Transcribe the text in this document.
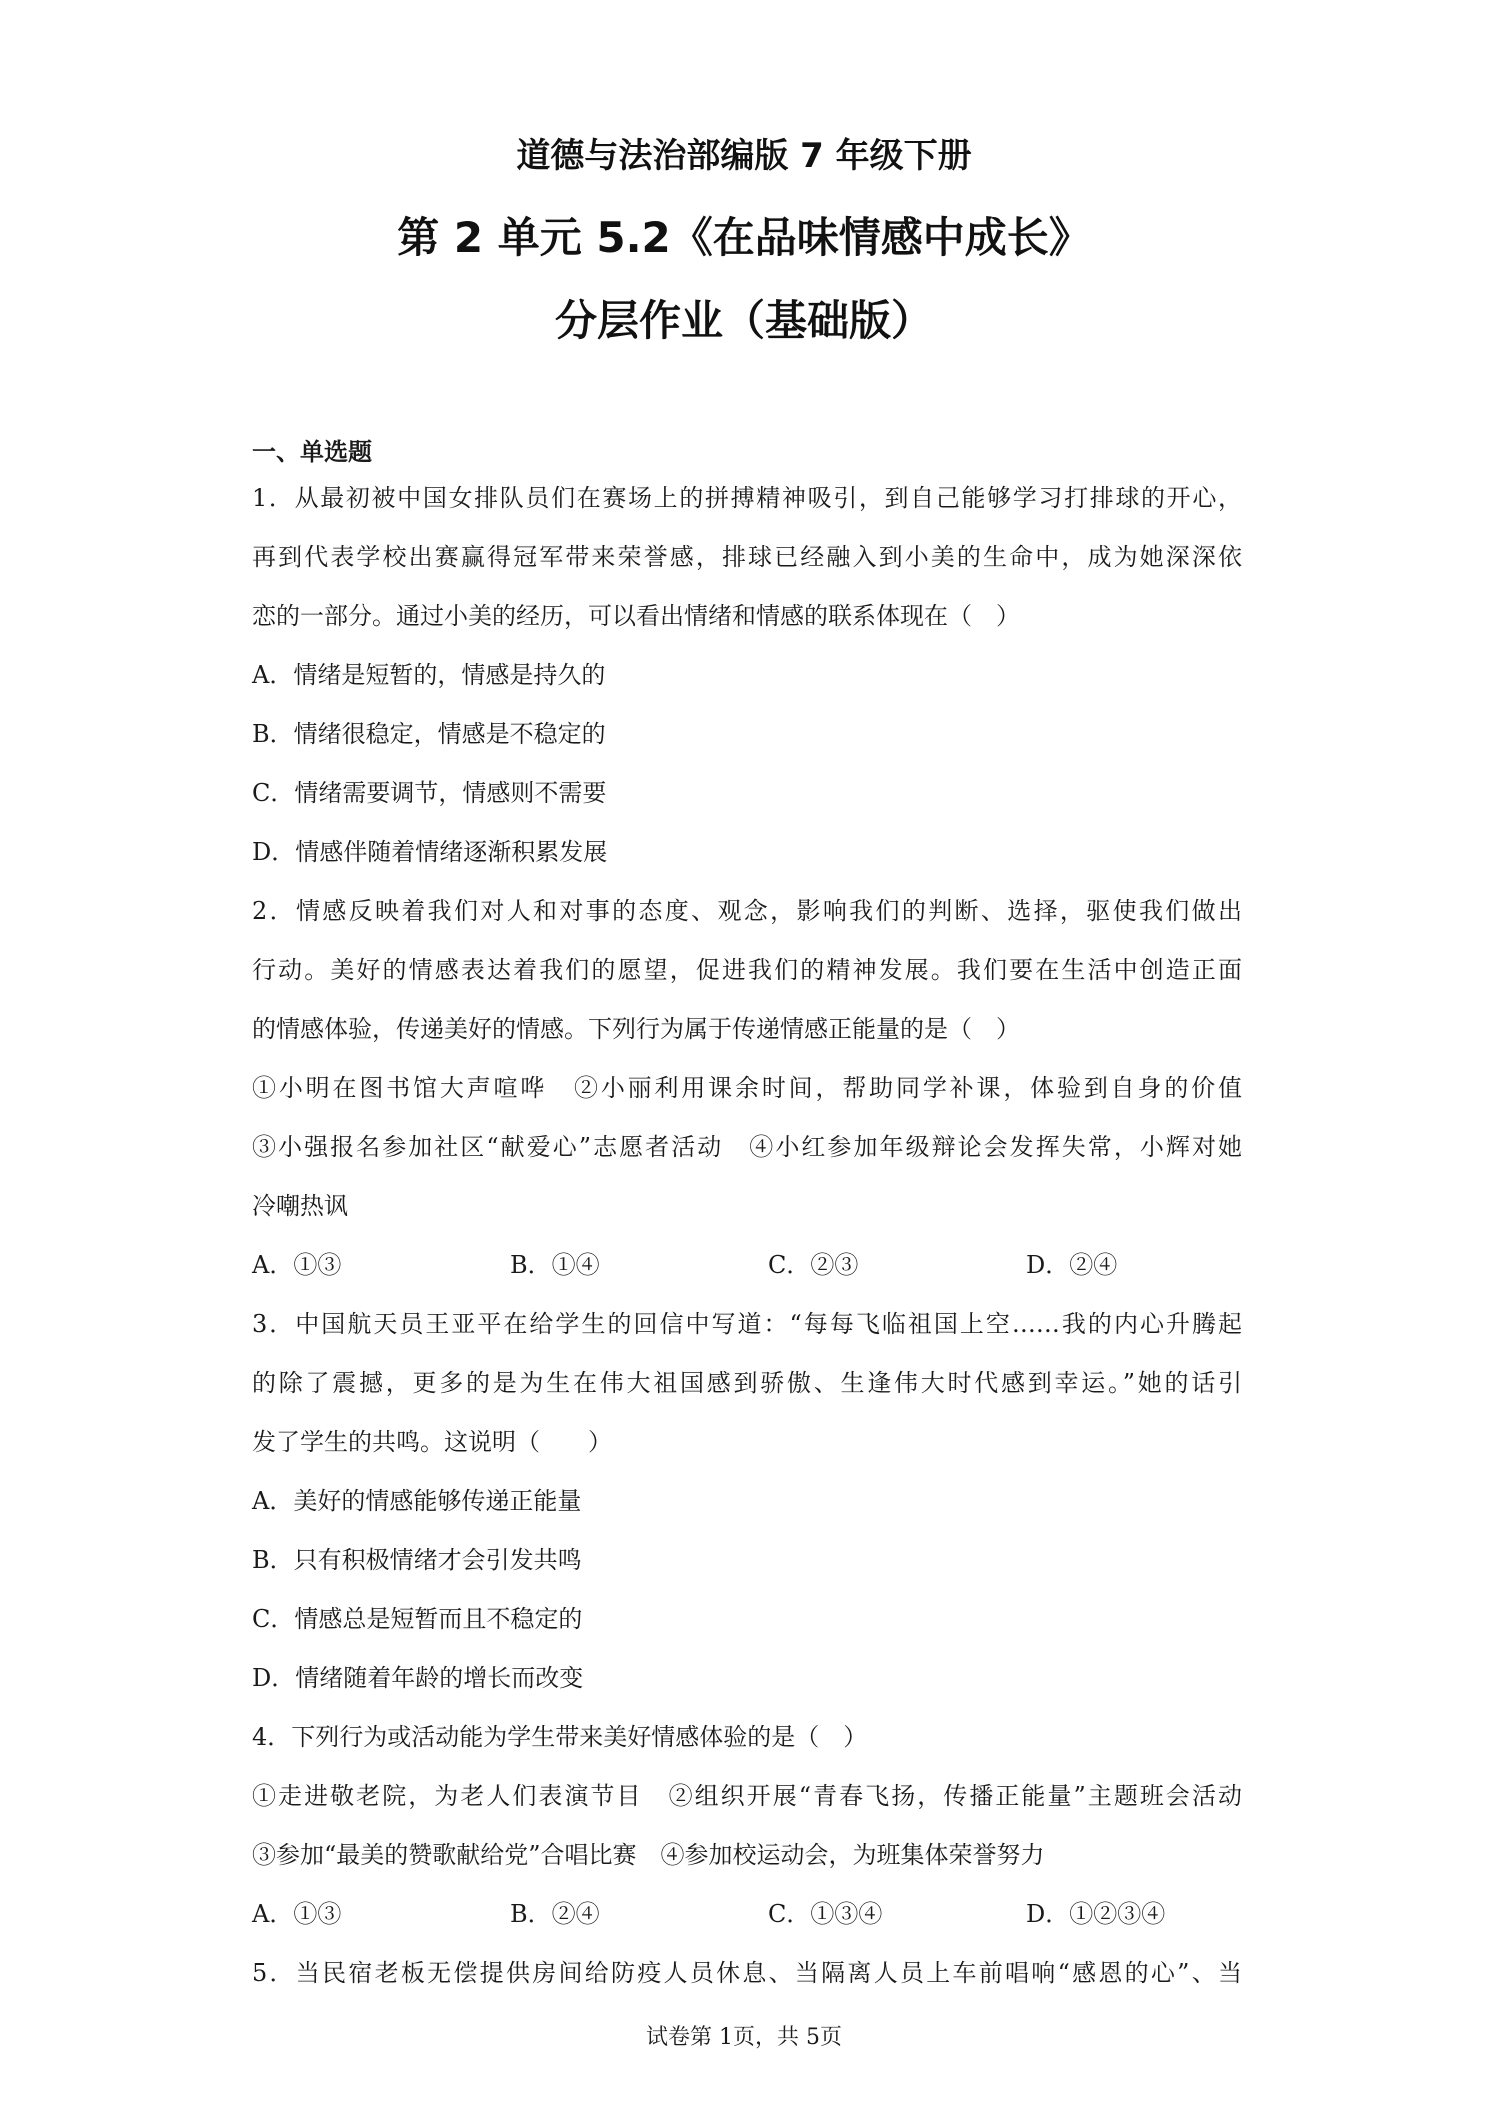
道德与法治部编版 7 年级下册
第 2 单元 5.2《在品味情感中成长》
分层作业（基础版）
一、单选题
1．从最初被中国女排队员们在赛场上的拼搏精神吸引，到自己能够学习打排球的开心，
再到代表学校出赛赢得冠军带来荣誉感，排球已经融入到小美的生命中，成为她深深依
恋的一部分。通过小美的经历，可以看出情绪和情感的联系体现在（　）
A．情绪是短暂的，情感是持久的
B．情绪很稳定，情感是不稳定的
C．情绪需要调节，情感则不需要
D．情感伴随着情绪逐渐积累发展
2．情感反映着我们对人和对事的态度、观念，影响我们的判断、选择，驱使我们做出
行动。美好的情感表达着我们的愿望，促进我们的精神发展。我们要在生活中创造正面
的情感体验，传递美好的情感。下列行为属于传递情感正能量的是（　）
①小明在图书馆大声喧哗　②小丽利用课余时间，帮助同学补课，体验到自身的价值
③小强报名参加社区“献爱心”志愿者活动　④小红参加年级辩论会发挥失常，小辉对她
冷嘲热讽
A．①③	B．①④	C．②③	D．②④
3．中国航天员王亚平在给学生的回信中写道：“每每飞临祖国上空……我的内心升腾起
的除了震撼，更多的是为生在伟大祖国感到骄傲、生逢伟大时代感到幸运。”她的话引
发了学生的共鸣。这说明（　　）
A．美好的情感能够传递正能量
B．只有积极情绪才会引发共鸣
C．情感总是短暂而且不稳定的
D．情绪随着年龄的增长而改变
4．下列行为或活动能为学生带来美好情感体验的是（　）
①走进敬老院，为老人们表演节目　②组织开展“青春飞扬，传播正能量”主题班会活动
③参加“最美的赞歌献给党”合唱比赛　④参加校运动会，为班集体荣誉努力
A．①③	B．②④	C．①③④	D．①②③④
5．当民宿老板无偿提供房间给防疫人员休息、当隔离人员上车前唱响“感恩的心”、当
试卷第 1页，共 5页
